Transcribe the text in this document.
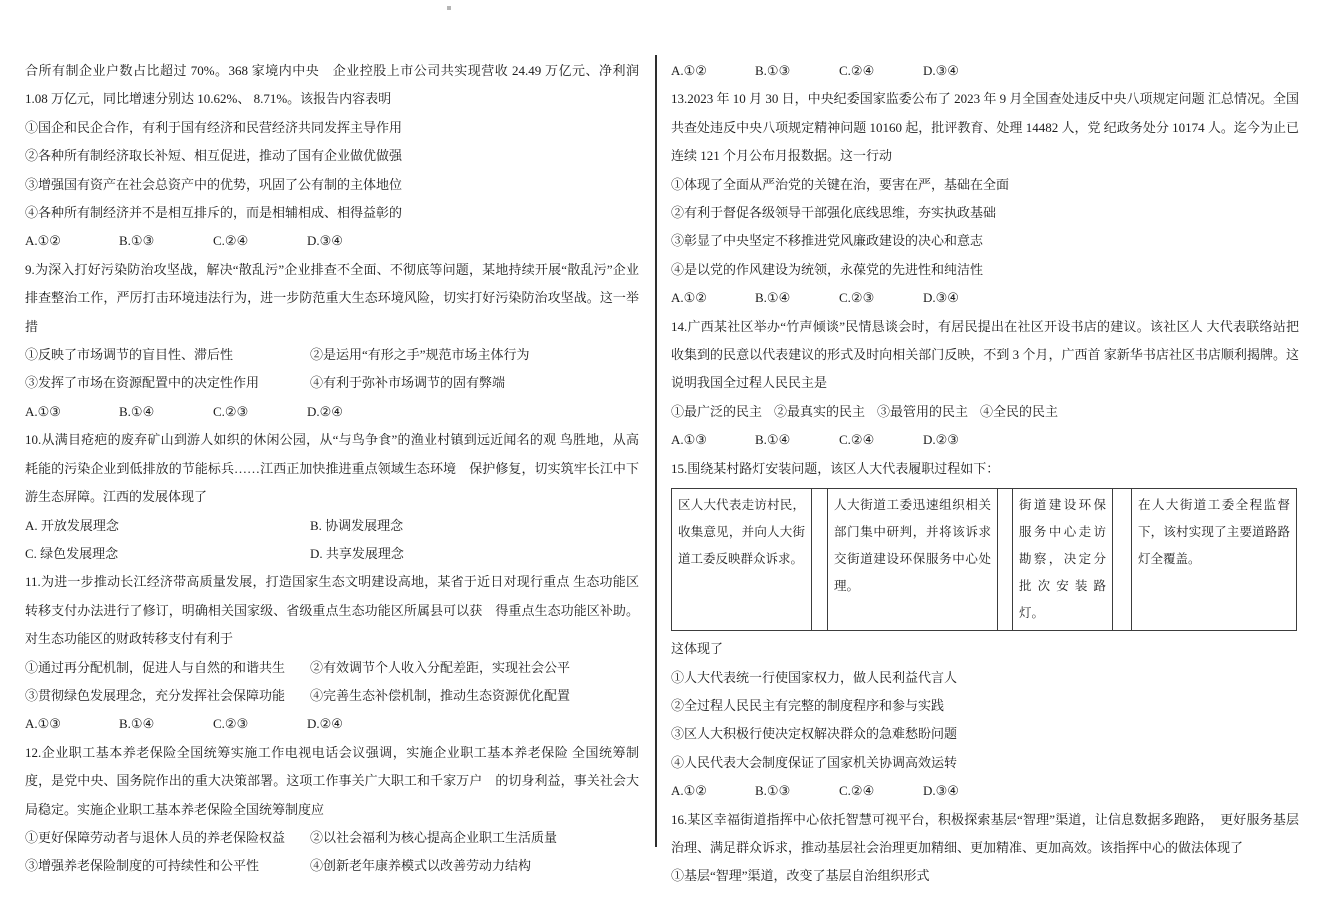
合所有制企业户数占比超过 70%。368 家境内中央　企业控股上市公司共实现营收 24.49 万亿元、净利润 1.08 万亿元，同比增速分别达 10.62%、 8.71%。该报告内容表明

①国企和民企合作，有利于国有经济和民营经济共同发挥主导作用

②各种所有制经济取长补短、相互促进，推动了国有企业做优做强

③增强国有资产在社会总资产中的优势，巩固了公有制的主体地位

④各种所有制经济并不是相互排斥的，而是相辅相成、相得益彰的

A.①②	B.①③	C.②④	D.③④

9.为深入打好污染防治攻坚战，解决“散乱污”企业排查不全面、不彻底等问题，某地持续开展“散乱污”企业排查整治工作，严厉打击环境违法行为，进一步防范重大生态环境风险，切实打好污染防治攻坚战。这一举措

①反映了市场调节的盲目性、滞后性	②是运用“有形之手”规范市场主体行为
③发挥了市场在资源配置中的决定性作用	④有利于弥补市场调节的固有弊端
A.①③	B.①④	C.②③	D.②④

10.从满目疮疤的废弃矿山到游人如织的休闲公园，从“与鸟争食”的渔业村镇到远近闻名的观 鸟胜地，从高耗能的污染企业到低排放的节能标兵……江西正加快推进重点领域生态环境　保护修复，切实筑牢长江中下游生态屏障。江西的发展体现了

A. 开放发展理念	B. 协调发展理念
C. 绿色发展理念	D. 共享发展理念

11.为进一步推动长江经济带高质量发展，打造国家生态文明建设高地，某省于近日对现行重点 生态功能区转移支付办法进行了修订，明确相关国家级、省级重点生态功能区所属县可以获　得重点生态功能区补助。对生态功能区的财政转移支付有利于

①通过再分配机制，促进人与自然的和谐共生	②有效调节个人收入分配差距，实现社会公平
③贯彻绿色发展理念，充分发挥社会保障功能	④完善生态补偿机制，推动生态资源优化配置
A.①③	B.①④	C.②③	D.②④

12.企业职工基本养老保险全国统筹实施工作电视电话会议强调，实施企业职工基本养老保险 全国统筹制度，是党中央、国务院作出的重大决策部署。这项工作事关广大职工和千家万户　的切身利益，事关社会大局稳定。实施企业职工基本养老保险全国统筹制度应

①更好保障劳动者与退休人员的养老保险权益	②以社会福利为核心提高企业职工生活质量
③增强养老保险制度的可持续性和公平性	④创新老年康养模式以改善劳动力结构
A.①②	B.①③	C.②④	D.③④

13.2023 年 10 月 30 日，中央纪委国家监委公布了 2023 年 9 月全国查处违反中央八项规定问题 汇总情况。全国共查处违反中央八项规定精神问题 10160 起，批评教育、处理 14482 人，党 纪政务处分 10174 人。迄今为止已连续 121 个月公布月报数据。这一行动

①体现了全面从严治党的关键在治，要害在严，基础在全面

②有利于督促各级领导干部强化底线思维，夯实执政基础

③彰显了中央坚定不移推进党风廉政建设的决心和意志

④是以党的作风建设为统领，永葆党的先进性和纯洁性

A.①②	B.①④	C.②③	D.③④

14.广西某社区举办“竹声倾谈”民情恳谈会时，有居民提出在社区开设书店的建议。该社区人 大代表联络站把收集到的民意以代表建议的形式及时向相关部门反映，不到 3 个月，广西首 家新华书店社区书店顺利揭牌。这说明我国全过程人民民主是

①最广泛的民主 ②最真实的民主 ③最管用的民主 ④全民的民主
A.①③	B.①④	C.②④	D.②③

15.围绕某村路灯安装问题，该区人大代表履职过程如下：

区人大代表走访村民，收集意见，并向人大街道工委反映群众诉求。		人大街道工委迅速组织相关部门集中研判，并将该诉求交街道建设环保服务中心处理。		街道建设环保服务中心走访勘察，决定分批次安装路灯。		在人大街道工委全程监督下，该村实现了主要道路路灯全覆盖。

这体现了

①人大代表统一行使国家权力，做人民利益代言人

②全过程人民民主有完整的制度程序和参与实践

③区人大积极行使决定权解决群众的急难愁盼问题

④人民代表大会制度保证了国家机关协调高效运转

A.①②	B.①③	C.②④	D.③④

16.某区幸福街道指挥中心依托智慧可视平台，积极探索基层“智理”渠道，让信息数据多跑路，　更好服务基层治理、满足群众诉求，推动基层社会治理更加精细、更加精准、更加高效。该指挥中心的做法体现了

①基层“智理”渠道，改变了基层自治组织形式
